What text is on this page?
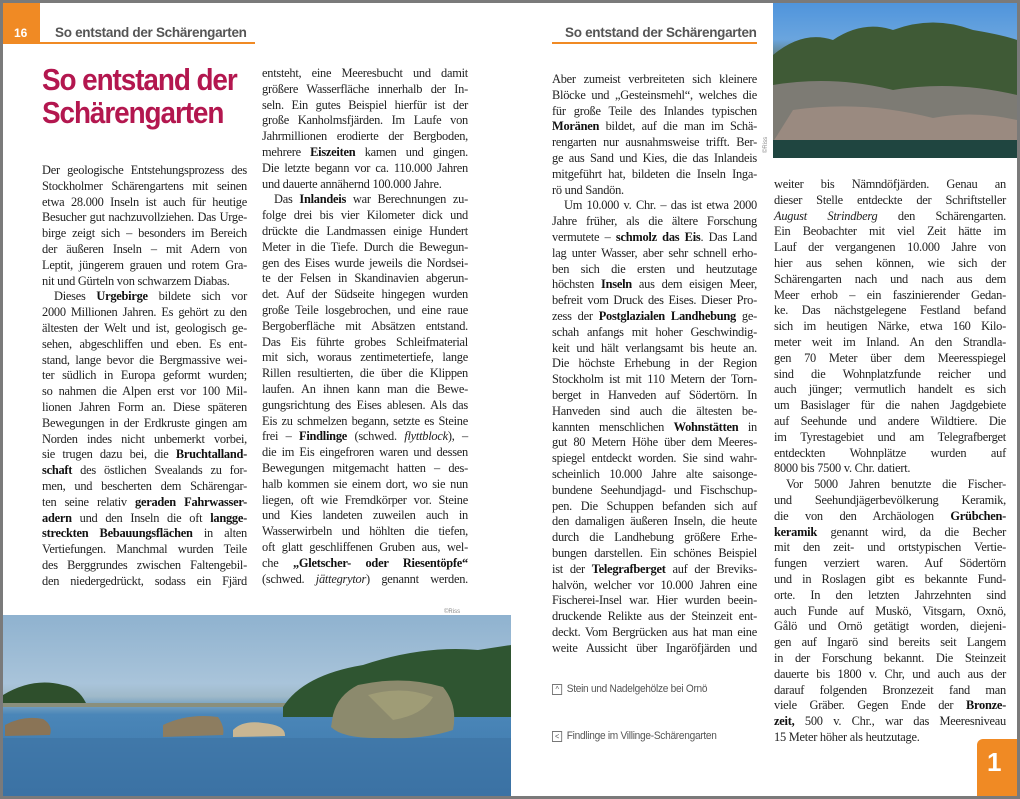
16 So entstand der Schärengarten
So entstand der
Schärengarten
Der geologische Entstehungsprozess des
Stockholmer Schärengartens mit seinen
etwa 28.000 Inseln ist auch für heutige
Besucher gut nachzuvollziehen. Das Urge-
birge zeigt sich – besonders im Bereich
der äußeren Inseln – mit Adern von
Leptit, jüngerem grauen und rotem Gra-
nit und Gürteln von schwarzem Diabas.
Dieses Urgebirge bildete sich vor
2000 Millionen Jahren. Es gehört zu den
ältesten der Welt und ist, geologisch ge-
sehen, abgeschliffen und eben. Es ent-
stand, lange bevor die Bergmassive wei-
ter südlich in Europa geformt wurden;
so nahmen die Alpen erst vor 100 Mil-
lionen Jahren Form an. Diese späteren
Bewegungen in der Erdkruste gingen am
Norden indes nicht unbemerkt vorbei,
sie trugen dazu bei, die Bruchtalland-
schaft des östlichen Svealands zu for-
men, und bescherten dem Schärengar-
ten seine relativ geraden Fahrwasser-
adern und den Inseln die oft langge-
streckten Bebauungsflächen in alten
Vertiefungen. Manchmal wurden Teile
des Berggrundes zwischen Faltengebil-
den niedergedrückt, sodass ein Fjärd
entsteht, eine Meeresbucht und damit
größere Wasserfläche innerhalb der In-
seln. Ein gutes Beispiel hierfür ist der
große Kanholmsfjärden. Im Laufe von
Jahrmillionen erodierte der Bergboden,
mehrere Eiszeiten kamen und gingen.
Die letzte begann vor ca. 110.000 Jahren
und dauerte annähernd 100.000 Jahre.
Das Inlandeis war Berechnungen zu-
folge drei bis vier Kilometer dick und
drückte die Landmassen einige Hundert
Meter in die Tiefe. Durch die Bewegun-
gen des Eises wurde jeweils die Nordsei-
te der Felsen in Skandinavien abgerun-
det. Auf der Südseite hingegen wurden
große Teile losgebrochen, und eine raue
Bergoberfläche mit Absätzen entstand.
Das Eis führte grobes Schleifmaterial
mit sich, woraus zentimetertiefe, lange
Rillen resultierten, die über die Klippen
laufen. An ihnen kann man die Bewe-
gungsrichtung des Eises ablesen. Als das
Eis zu schmelzen begann, setzte es Steine
frei – Findlinge (schwed. flyttblock), –
die im Eis eingefroren waren und dessen
Bewegungen mitgemacht hatten – des-
halb kommen sie einem dort, wo sie nun
liegen, oft wie Fremdkörper vor. Steine
und Kies landeten zuweilen auch in
Wasserwirbeln und höhlten die tiefen,
oft glatt geschliffenen Gruben aus, wel-
che „Gletscher- oder Riesentöpfe“
(schwed. jättegrytor) genannt werden.
©Riss
So entstand der Schärengarten
©Riss
Aber zumeist verbreiteten sich kleinere
Blöcke und „Gesteinsmehl“, welches die
für große Teile des Inlandes typischen
Moränen bildet, auf die man im Schä-
rengarten nur ausnahmsweise trifft. Ber-
ge aus Sand und Kies, die das Inlandeis
mitgeführt hat, bildeten die Inseln Inga-
rö und Sandön.
Um 10.000 v. Chr. – das ist etwa 2000
Jahre früher, als die ältere Forschung
vermutete – schmolz das Eis. Das Land
lag unter Wasser, aber sehr schnell erho-
ben sich die ersten und heutzutage
höchsten Inseln aus dem eisigen Meer,
befreit vom Druck des Eises. Dieser Pro-
zess der Postglazialen Landhebung ge-
schah anfangs mit hoher Geschwindig-
keit und hält verlangsamt bis heute an.
Die höchste Erhebung in der Region
Stockholm ist mit 110 Metern der Torn-
berget in Hanveden auf Södertörn. In
Hanveden sind auch die ältesten be-
kannten menschlichen Wohnstätten in
gut 80 Metern Höhe über dem Meeres-
spiegel entdeckt worden. Sie sind wahr-
scheinlich 10.000 Jahre alte saisonge-
bundene Seehundjagd- und Fischschup-
pen. Die Schuppen befanden sich auf
den damaligen äußeren Inseln, die heute
durch die Landhebung größere Erhe-
bungen darstellen. Ein schönes Beispiel
ist der Telegrafberget auf der Breviks-
halvön, welcher vor 10.000 Jahren eine
Fischerei-Insel war. Hier wurden beein-
druckende Relikte aus der Steinzeit ent-
deckt. Vom Bergrücken aus hat man eine
weite Aussicht über Ingaröfjärden und
weiter bis Nämndöfjärden. Genau an
dieser Stelle entdeckte der Schriftsteller
August Strindberg den Schärengarten.
Ein Beobachter mit viel Zeit hätte im
Lauf der vergangenen 10.000 Jahre von
hier aus sehen können, wie sich der
Schärengarten nach und nach aus dem
Meer erhob – ein faszinierender Gedan-
ke. Das nächstgelegene Festland befand
sich im heutigen Närke, etwa 160 Kilo-
meter weit im Inland. An den Strandla-
gen 70 Meter über dem Meeresspiegel
sind die Wohnplatzfunde reicher und
auch jünger; vermutlich handelt es sich
um Basislager für die nahen Jagdgebiete
auf Seehunde und andere Wildtiere. Die
im Tyrestagebiet und am Telegrafberget
entdeckten Wohnplätze wurden auf
8000 bis 7500 v. Chr. datiert.
Vor 5000 Jahren benutzte die Fischer-
und Seehundjägerbevölkerung Keramik,
die von den Archäologen Grübchen-
keramik genannt wird, da die Becher
mit den zeit- und ortstypischen Vertie-
fungen verziert waren. Auf Södertörn
und in Roslagen gibt es bekannte Fund-
orte. In den letzten Jahrzehnten sind
auch Funde auf Muskö, Vitsgarn, Oxnö,
Gålö und Ornö getätigt worden, diejeni-
gen auf Ingarö sind bereits seit Langem
in der Forschung bekannt. Die Steinzeit
dauerte bis 1800 v. Chr, und auch aus der
darauf folgenden Bronzezeit fand man
viele Gräber. Gegen Ende der Bronze-
zeit, 500 v. Chr., war das Meeresniveau
15 Meter höher als heutzutage.
^ Stein und Nadelgehölze bei Ornö
< Findlinge im Villinge-Schärengarten
1
